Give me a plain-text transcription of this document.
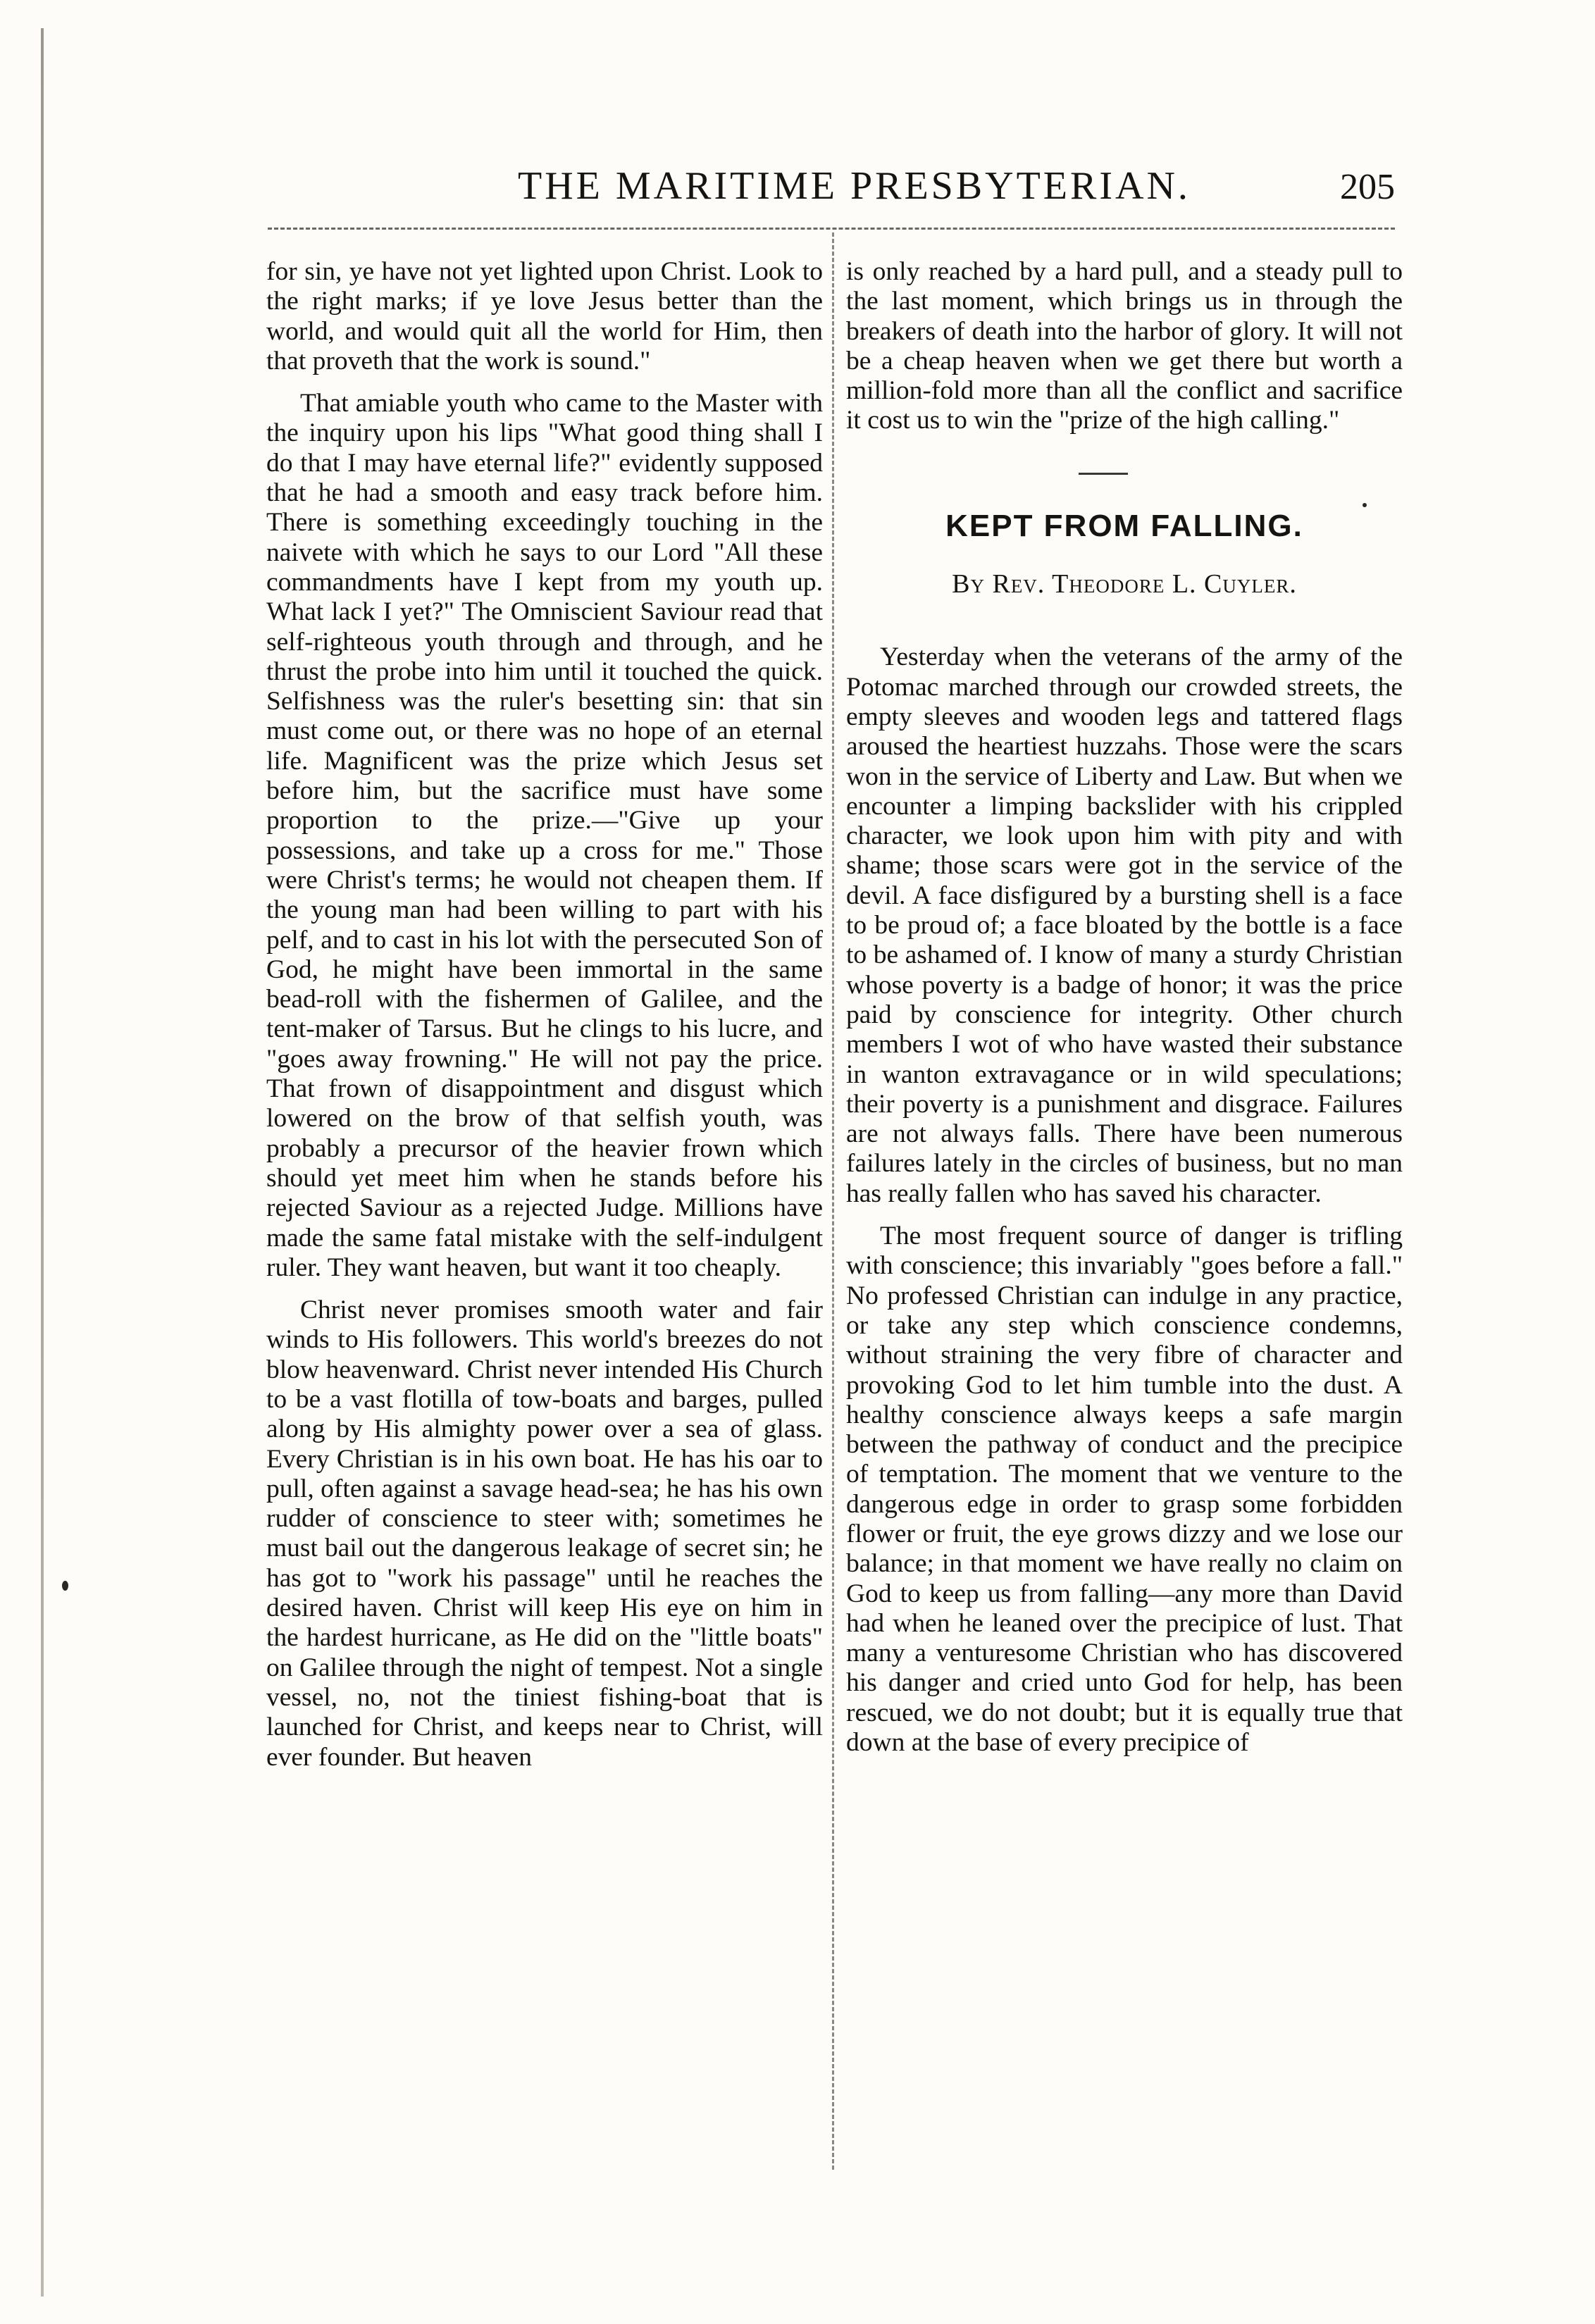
THE MARITIME PRESBYTERIAN.	205

for sin, ye have not yet lighted upon Christ. Look to the right marks; if ye love Jesus better than the world, and would quit all the world for Him, then that proveth that the work is sound."

That amiable youth who came to the Master with the inquiry upon his lips "What good thing shall I do that I may have eternal life?" evidently supposed that he had a smooth and easy track before him. There is something exceedingly touching in the naivete with which he says to our Lord "All these commandments have I kept from my youth up. What lack I yet?" The Omniscient Saviour read that self-righteous youth through and through, and he thrust the probe into him until it touched the quick. Selfishness was the ruler's besetting sin: that sin must come out, or there was no hope of an eternal life. Magnificent was the prize which Jesus set before him, but the sacrifice must have some proportion to the prize.—"Give up your possessions, and take up a cross for me." Those were Christ's terms; he would not cheapen them. If the young man had been willing to part with his pelf, and to cast in his lot with the persecuted Son of God, he might have been immortal in the same bead-roll with the fishermen of Galilee, and the tent-maker of Tarsus. But he clings to his lucre, and "goes away frowning." He will not pay the price. That frown of disappointment and disgust which lowered on the brow of that selfish youth, was probably a precursor of the heavier frown which should yet meet him when he stands before his rejected Saviour as a rejected Judge. Millions have made the same fatal mistake with the self-indulgent ruler. They want heaven, but want it too cheaply.

Christ never promises smooth water and fair winds to His followers. This world's breezes do not blow heavenward. Christ never intended His Church to be a vast flotilla of tow-boats and barges, pulled along by His almighty power over a sea of glass. Every Christian is in his own boat. He has his oar to pull, often against a savage head-sea; he has his own rudder of conscience to steer with; sometimes he must bail out the dangerous leakage of secret sin; he has got to "work his passage" until he reaches the desired haven. Christ will keep His eye on him in the hardest hurricane, as He did on the "little boats" on Galilee through the night of tempest. Not a single vessel, no, not the tiniest fishing-boat that is launched for Christ, and keeps near to Christ, will ever founder. But heaven

is only reached by a hard pull, and a steady pull to the last moment, which brings us in through the breakers of death into the harbor of glory. It will not be a cheap heaven when we get there but worth a million-fold more than all the conflict and sacrifice it cost us to win the "prize of the high calling."

KEPT FROM FALLING.
By Rev. Theodore L. Cuyler.

Yesterday when the veterans of the army of the Potomac marched through our crowded streets, the empty sleeves and wooden legs and tattered flags aroused the heartiest huzzahs. Those were the scars won in the service of Liberty and Law. But when we encounter a limping backslider with his crippled character, we look upon him with pity and with shame; those scars were got in the service of the devil. A face disfigured by a bursting shell is a face to be proud of; a face bloated by the bottle is a face to be ashamed of. I know of many a sturdy Christian whose poverty is a badge of honor; it was the price paid by conscience for integrity. Other church members I wot of who have wasted their substance in wanton extravagance or in wild speculations; their poverty is a punishment and disgrace. Failures are not always falls. There have been numerous failures lately in the circles of business, but no man has really fallen who has saved his character.

The most frequent source of danger is trifling with conscience; this invariably "goes before a fall." No professed Christian can indulge in any practice, or take any step which conscience condemns, without straining the very fibre of character and provoking God to let him tumble into the dust. A healthy conscience always keeps a safe margin between the pathway of conduct and the precipice of temptation. The moment that we venture to the dangerous edge in order to grasp some forbidden flower or fruit, the eye grows dizzy and we lose our balance; in that moment we have really no claim on God to keep us from falling—any more than David had when he leaned over the precipice of lust. That many a venturesome Christian who has discovered his danger and cried unto God for help, has been rescued, we do not doubt; but it is equally true that down at the base of every precipice of
